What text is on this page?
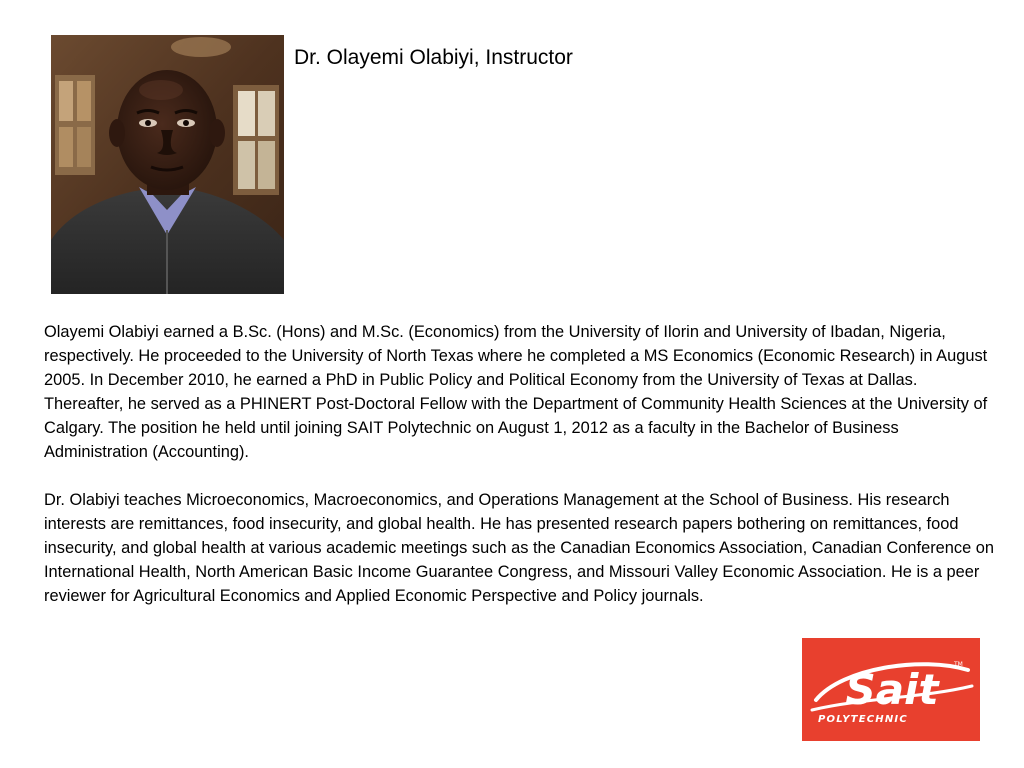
Dr. Olayemi Olabiyi, Instructor

Olayemi Olabiyi earned a B.Sc. (Hons) and M.Sc. (Economics) from the University of Ilorin and University of Ibadan, Nigeria, respectively. He proceeded to the University of North Texas where he completed a MS Economics (Economic Research) in August 2005. In December 2010, he earned a PhD in Public Policy and Political Economy from the University of Texas at Dallas. Thereafter, he served as a PHINERT Post-Doctoral Fellow with the Department of Community Health Sciences at the University of Calgary. The position he held until joining SAIT Polytechnic on August 1, 2012 as a faculty in the Bachelor of Business Administration (Accounting).

Dr. Olabiyi teaches Microeconomics, Macroeconomics, and Operations Management at the School of Business. His research interests are remittances, food insecurity, and global health. He has presented research papers bothering on remittances, food insecurity, and global health at various academic meetings such as the Canadian Economics Association, Canadian Conference on International Health, North American Basic Income Guarantee Congress, and Missouri Valley Economic Association. He is a peer reviewer for Agricultural Economics and Applied Economic Perspective and Policy journals.

Sait
TM
POLYTECHNIC
